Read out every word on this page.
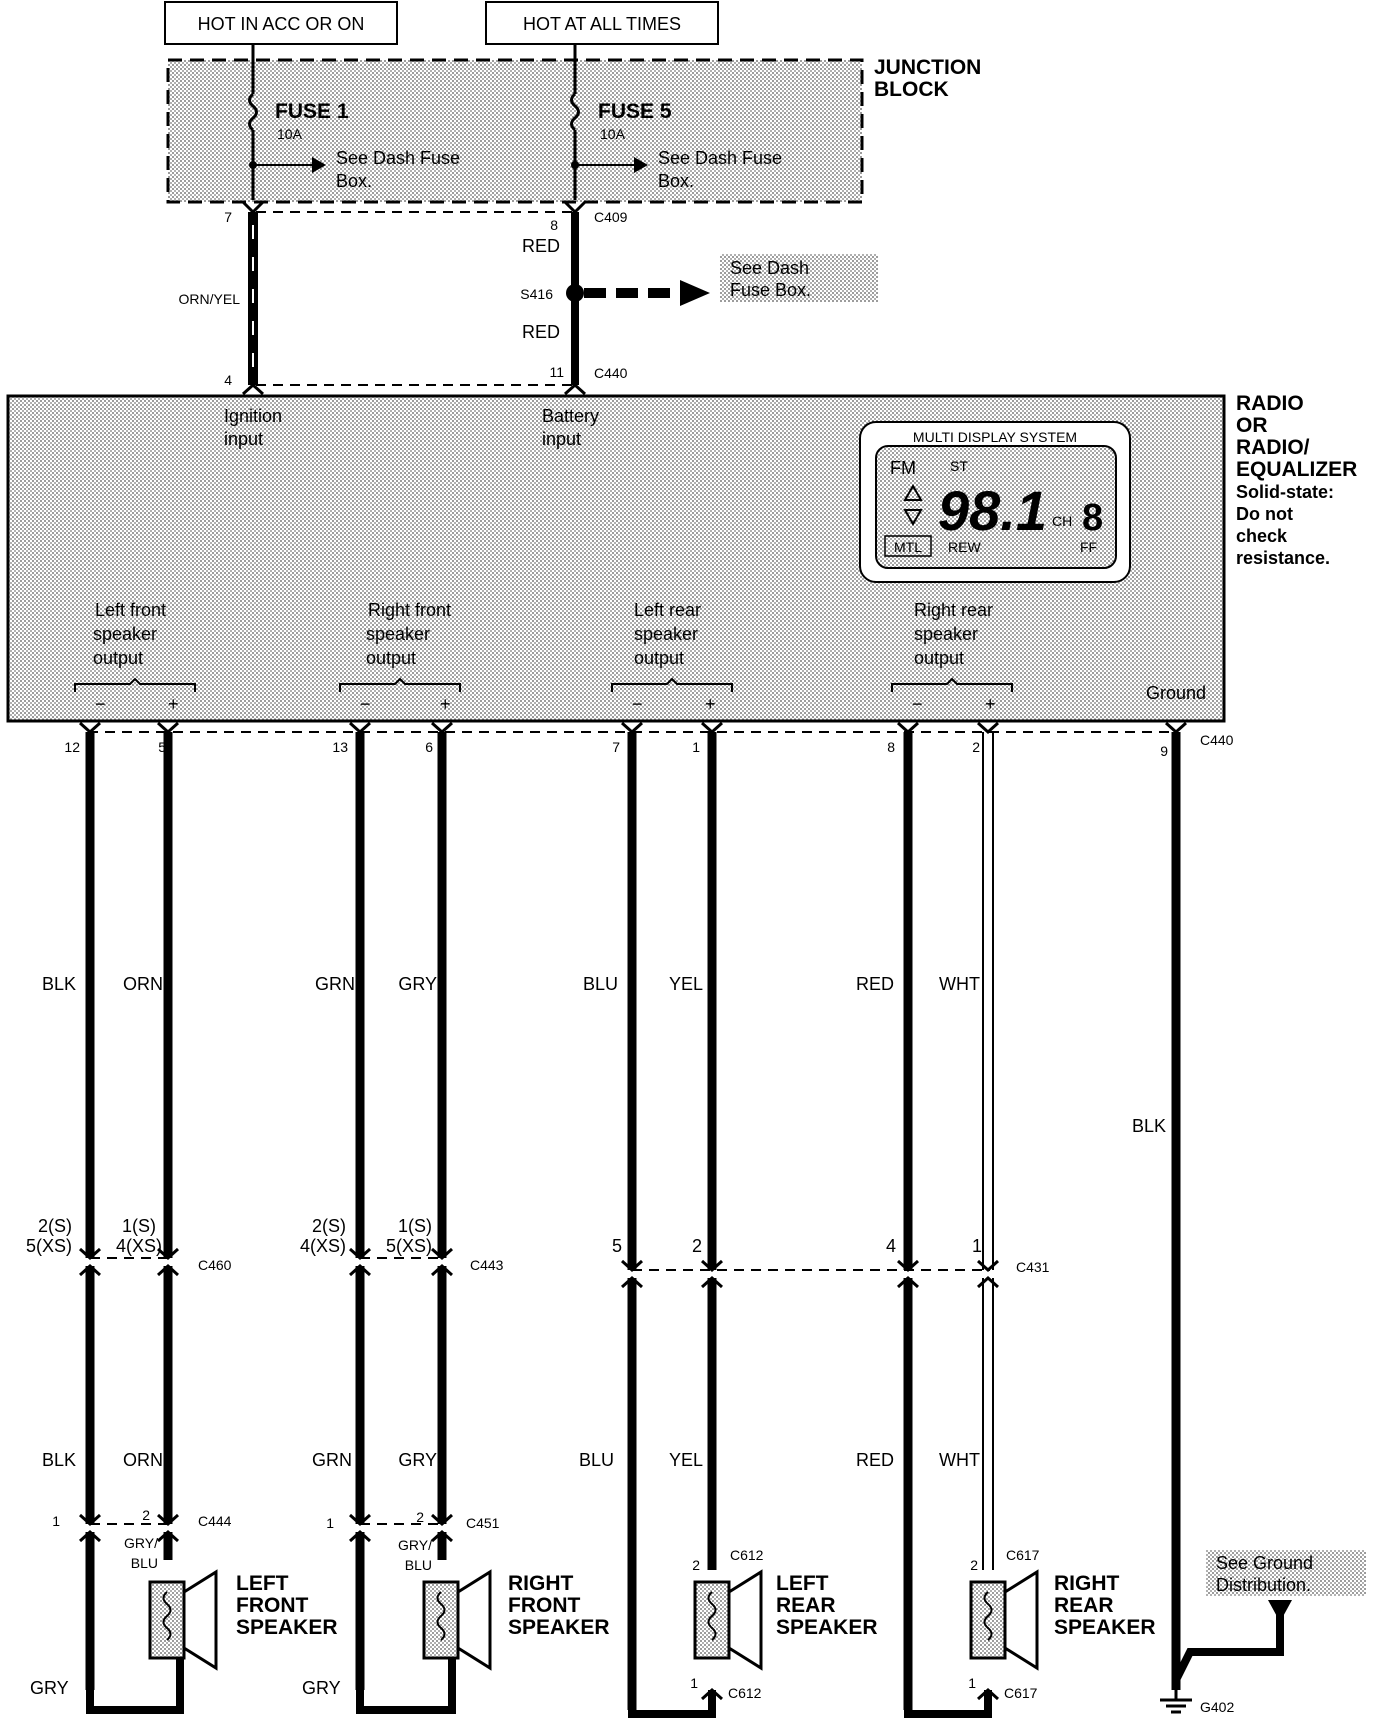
HOT IN ACC OR ON	HOT AT ALL TIMES
JUNCTION
BLOCK
FUSE 1
10A
See Dash Fuse
Box.
FUSE 5
10A
See Dash Fuse
Box.
7	8	C409
RED
S416
See Dash
Fuse Box.
RED
ORN/YEL
4	11 C440
RADIO
OR
RADIO/
EQUALIZER
Solid-state:
Do not
check
resistance.
Ignition
input
Battery
input	MULTI DISPLAY SYSTEM
FM ST
98.1 CH 8
MTL REW	FF
Ground
Left front
speaker
output
−	+
Right front
speaker
output
−	+
Left rear
speaker
output
−	+
Right rear
speaker
output
−	+
12	5	13	6	7	1	8	2	9
C440
BLK	ORN	GRN GRY	BLU	YEL	RED	WHT
BLK
2(S)
5(XS)
1(S)
4(XS)
C460
2(S)
4(XS)
1(S)
5(XS)
C443
5	2	4	1
C431
BLK	ORN	GRN	GRY	BLU	YEL	RED	WHT
1	2	C444	1	2	C451
GRY/
BLU
GRY/
BLU	2
C612
2
C617
1
C612
1
C617
GRY	GRY
G402
See Ground
Distribution.
LEFT
FRONT
SPEAKER
RIGHT
FRONT
SPEAKER
LEFT
REAR
SPEAKER
RIGHT
REAR
SPEAKER
